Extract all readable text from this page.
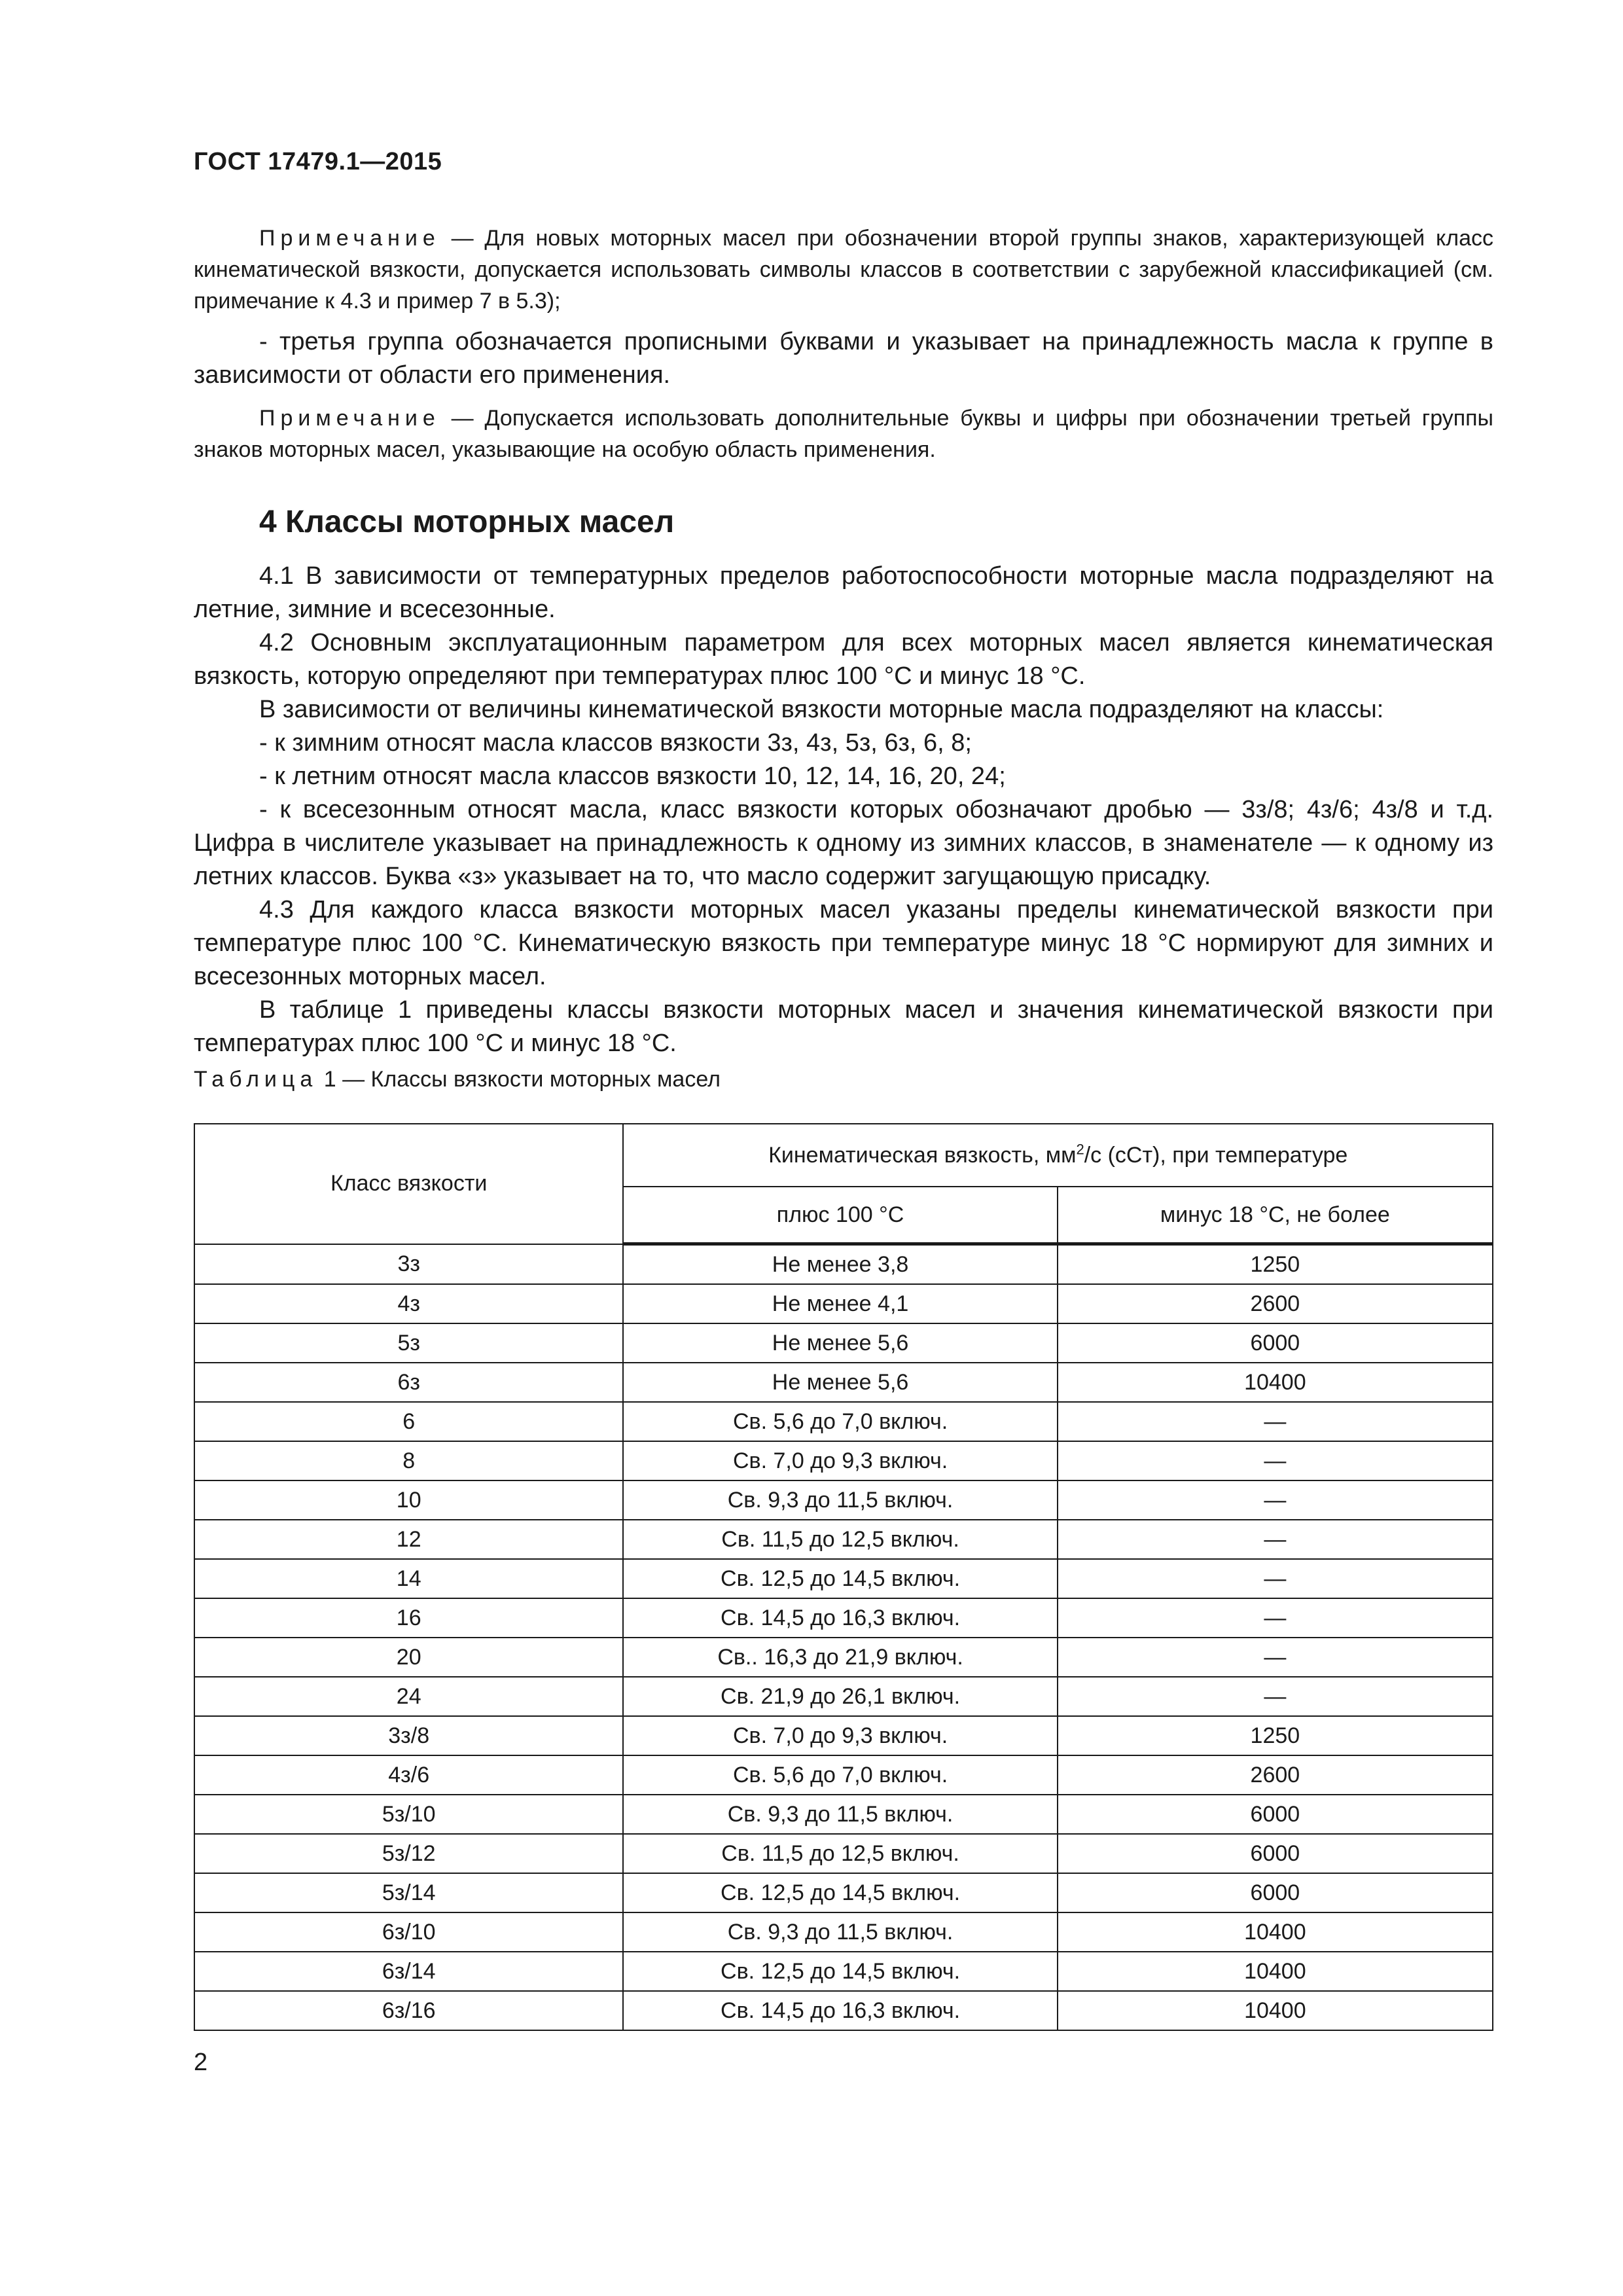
ГОСТ 17479.1—2015

Примечание — Для новых моторных масел при обозначении второй группы знаков, характеризующей класс кинематической вязкости, допускается использовать символы классов в соответствии с зарубежной классификацией (см. примечание к 4.3 и пример 7 в 5.3);

- третья группа обозначается прописными буквами и указывает на принадлежность масла к группе в зависимости от области его применения.

Примечание — Допускается использовать дополнительные буквы и цифры при обозначении третьей группы знаков моторных масел, указывающие на особую область применения.

4 Классы моторных масел

4.1 В зависимости от температурных пределов работоспособности моторные масла подразделяют на летние, зимние и всесезонные.

4.2 Основным эксплуатационным параметром для всех моторных масел является кинематическая вязкость, которую определяют при температурах плюс 100 °С и минус 18 °С.

В зависимости от величины кинематической вязкости моторные масла подразделяют на классы:

- к зимним относят масла классов вязкости 3з, 4з, 5з, 6з, 6, 8;

- к летним относят масла классов вязкости 10, 12, 14, 16, 20, 24;

- к всесезонным относят масла, класс вязкости которых обозначают дробью — 3з/8; 4з/6; 4з/8 и т.д. Цифра в числителе указывает на принадлежность к одному из зимних классов, в знаменателе — к одному из летних классов. Буква «з» указывает на то, что масло содержит загущающую присадку.

4.3 Для каждого класса вязкости моторных масел указаны пределы кинематической вязкости при температуре плюс 100 °С. Кинематическую вязкость при температуре минус 18 °С нормируют для зимних и всесезонных моторных масел.

В таблице 1 приведены классы вязкости моторных масел и значения кинематической вязкости при температурах плюс 100 °С и минус 18 °С.

Таблица 1 — Классы вязкости моторных масел
Класс вязкости	Кинематическая вязкость, $мм^2/с$ (сСт), при температуре	
	плюс 100 °С	минус 18 °С, не более
3з	Не менее 3,8	1250
4з	Не менее 4,1	2600
5з	Не менее 5,6	6000
6з	Не менее 5,6	10400
6	Св. 5,6 до 7,0 включ.	—
8	Св. 7,0 до 9,3 включ.	—
10	Св. 9,3 до 11,5 включ.	—
12	Св. 11,5 до 12,5 включ.	—
14	Св. 12,5 до 14,5 включ.	—
16	Св. 14,5 до 16,3 включ.	—
20	Св.. 16,3 до 21,9 включ.	—
24	Св. 21,9 до 26,1 включ.	—
3з/8	Св. 7,0 до 9,3 включ.	1250
4з/6	Св. 5,6 до 7,0 включ.	2600
5з/10	Св. 9,3 до 11,5 включ.	6000
5з/12	Св. 11,5 до 12,5 включ.	6000
5з/14	Св. 12,5 до 14,5 включ.	6000
6з/10	Св. 9,3 до 11,5 включ.	10400
6з/14	Св. 12,5 до 14,5 включ.	10400
6з/16	Св. 14,5 до 16,3 включ.	10400
2
